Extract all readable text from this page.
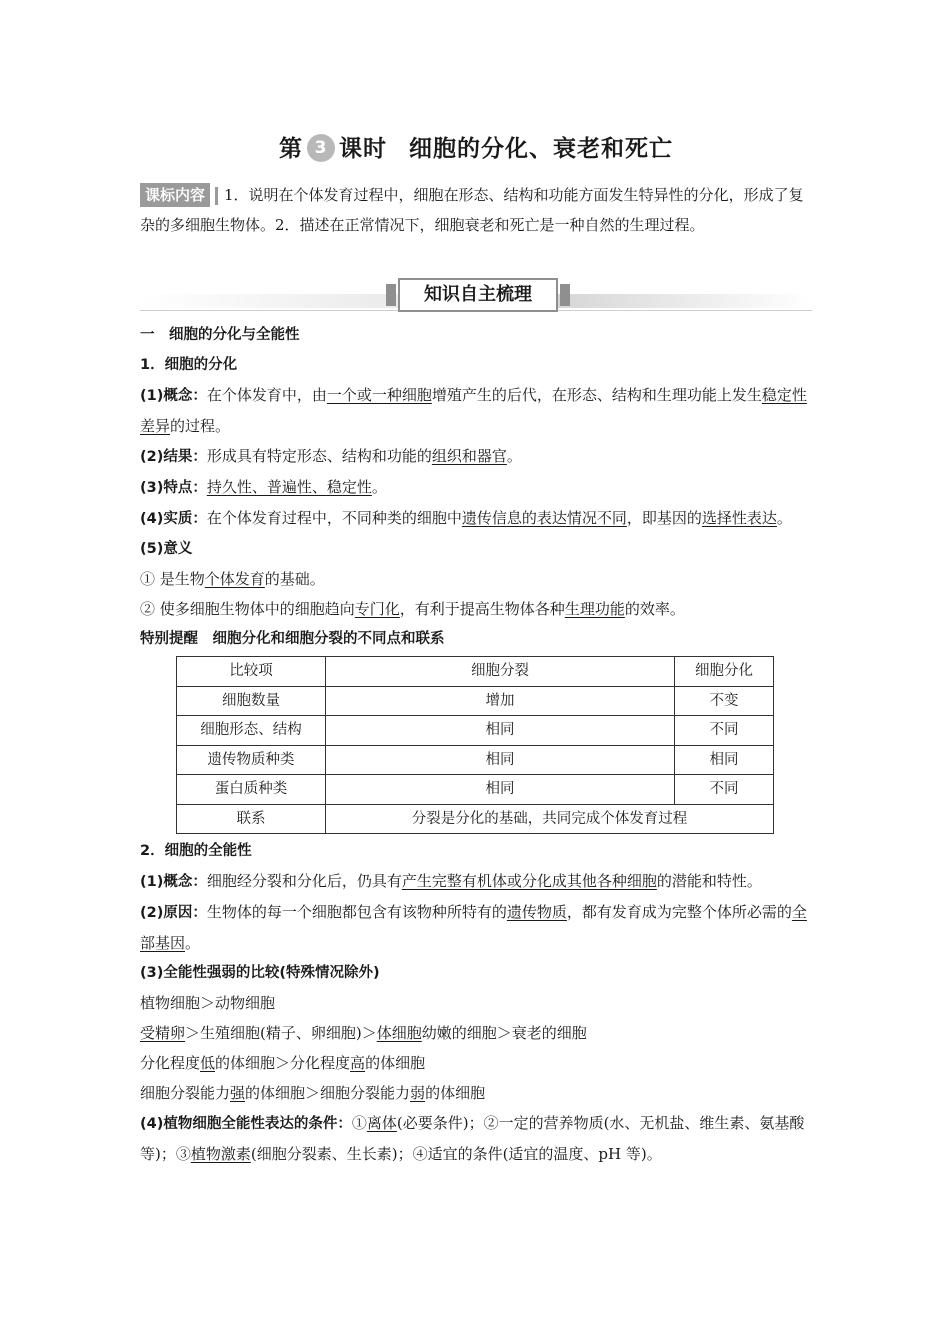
第 3 课时 细胞的分化、衰老和死亡
课标内容 1．说明在个体发育过程中，细胞在形态、结构和功能方面发生特异性的分化，形成了复杂的多细胞生物体。2．描述在正常情况下，细胞衰老和死亡是一种自然的生理过程。
知识自主梳理

一　细胞的分化与全能性

1．细胞的分化

(1)概念：在个体发育中，由一个或一种细胞增殖产生的后代，在形态、结构和生理功能上发生稳定性差异的过程。

(2)结果：形成具有特定形态、结构和功能的组织和器官。

(3)特点：持久性、普遍性、稳定性。

(4)实质：在个体发育过程中，不同种类的细胞中遗传信息的表达情况不同，即基因的选择性表达。

(5)意义

① 是生物个体发育的基础。

② 使多细胞生物体中的细胞趋向专门化，有利于提高生物体各种生理功能的效率。

特别提醒　细胞分化和细胞分裂的不同点和联系

比较项	细胞分裂	细胞分化
细胞数量	增加	不变
细胞形态、结构	相同	不同
遗传物质种类	相同	相同
蛋白质种类	相同	不同
联系	分裂是分化的基础，共同完成个体发育过程	

2．细胞的全能性

(1)概念：细胞经分裂和分化后，仍具有产生完整有机体或分化成其他各种细胞的潜能和特性。

(2)原因：生物体的每一个细胞都包含有该物种所特有的遗传物质，都有发育成为完整个体所必需的全部基因。

(3)全能性强弱的比较(特殊情况除外)

植物细胞＞动物细胞

受精卵＞生殖细胞(精子、卵细胞)＞体细胞幼嫩的细胞＞衰老的细胞

分化程度低的体细胞＞分化程度高的体细胞

细胞分裂能力强的体细胞＞细胞分裂能力弱的体细胞

(4)植物细胞全能性表达的条件：①离体(必要条件)；②一定的营养物质(水、无机盐、维生素、氨基酸等)；③植物激素(细胞分裂素、生长素)；④适宜的条件(适宜的温度、pH 等)。
